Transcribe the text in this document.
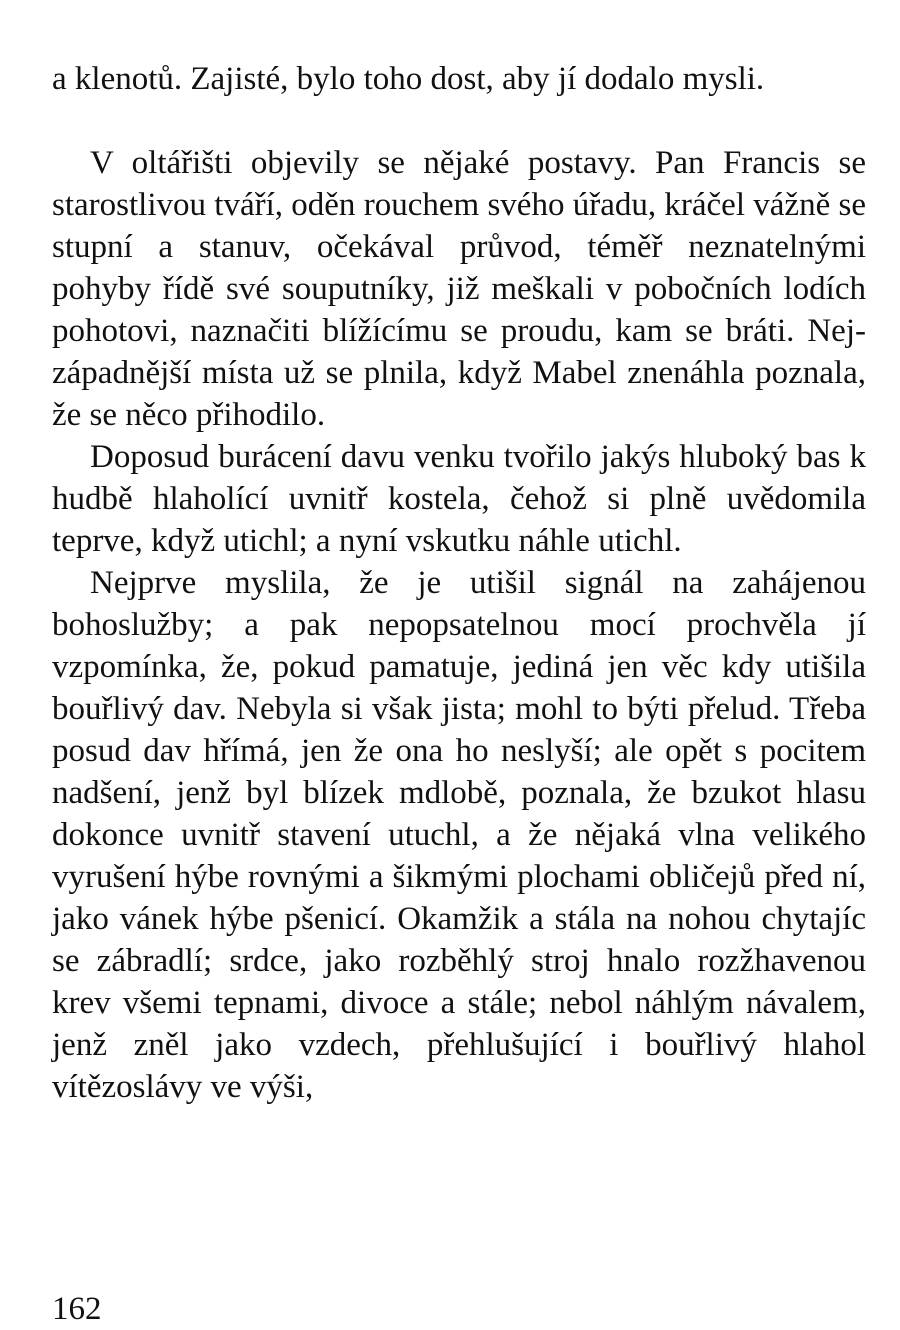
a klenotů. Zajisté, bylo toho dost, aby jí dodalo mysli.

V oltářišti objevily se nějaké postavy. Pan Francis se starostlivou tváří, oděn rouchem svého úřadu, kráčel vážně se stupní a stanuv, očekával průvod, téměř neznatelnými pohyby řídě své souputníky, již meškali v pobočních lodích pohotovi, naznačiti blížícímu se proudu, kam se bráti. Nejzápadnější místa už se plnila, když Mabel znenáhla poznala, že se něco přihodilo.

Doposud burácení davu venku tvořilo jakýs hluboký bas k hudbě hlaholící uvnitř kostela, čehož si plně uvědomila teprve, když utichl; a nyní vskutku náhle utichl.

Nejprve myslila, že je utišil signál na zahájenou bohoslužby; a pak nepopsatelnou mocí prochvěla jí vzpomínka, že, pokud pamatuje, jediná jen věc kdy utišila bouřlivý dav. Nebyla si však jista; mohl to býti přelud. Třeba posud dav hřímá, jen že ona ho neslyší; ale opět s pocitem nadšení, jenž byl blízek mdlobě, poznala, že bzukot hlasu dokonce uvnitř stavení utuchl, a že nějaká vlna velikého vyrušení hýbe rovnými a šikmými plochami obličejů před ní, jako vánek hýbe pšenicí. Okamžik a stála na nohou chytajíc se zábradlí; srdce, jako rozběhlý stroj hnalo rozžhavenou krev všemi tepnami, divoce a stále; nebol náhlým návalem, jenž zněl jako vzdech, přehlušující i bouřlivý hlahol vítězoslávy ve výši,

162
